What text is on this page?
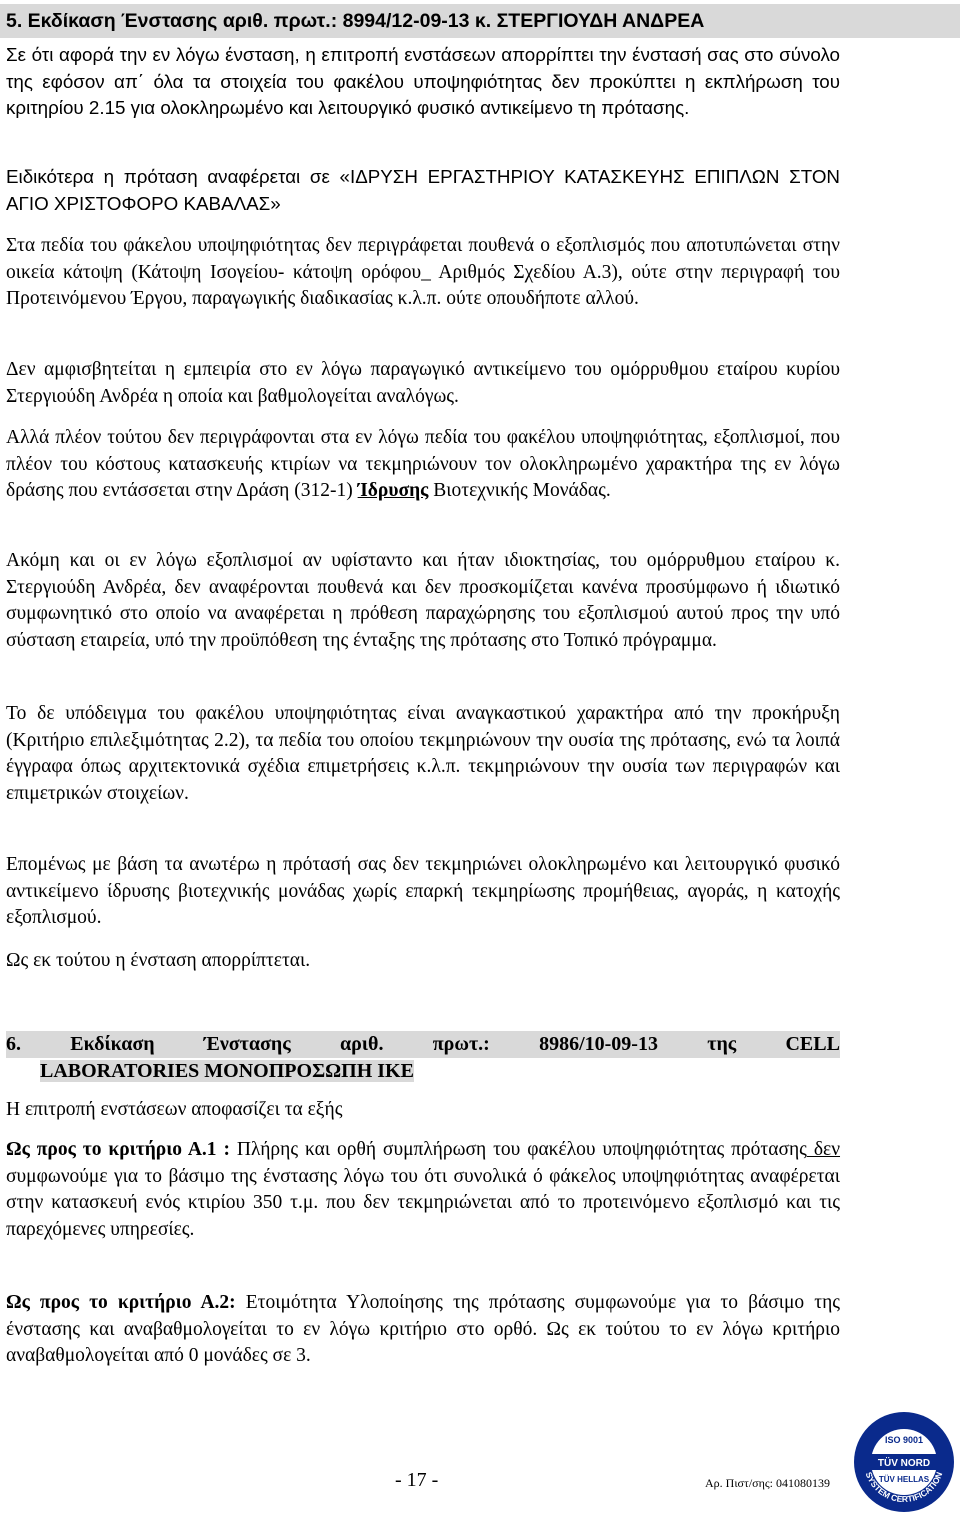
5. Εκδίκαση Ένστασης αριθ. πρωτ.: 8994/12-09-13 κ. ΣΤΕΡΓΙΟΥΔΗ ΑΝΔΡΕΑ

Σε ότι αφορά την εν λόγω ένσταση, η επιτροπή ενστάσεων απορρίπτει την ένστασή σας στο σύνολο της εφόσον απ΄ όλα τα στοιχεία του φακέλου υποψηφιότητας δεν προκύπτει η εκπλήρωση του κριτηρίου 2.15 για ολοκληρωμένο και λειτουργικό φυσικό αντικείμενο τη πρότασης.

Ειδικότερα η πρόταση αναφέρεται σε «ΙΔΡΥΣΗ ΕΡΓΑΣΤΗΡΙΟΥ ΚΑΤΑΣΚΕΥΗΣ ΕΠΙΠΛΩΝ ΣΤΟΝ ΑΓΙΟ ΧΡΙΣΤΟΦΟΡΟ ΚΑΒΑΛΑΣ»

Στα πεδία του φάκελου υποψηφιότητας δεν περιγράφεται πουθενά ο εξοπλισμός που αποτυπώνεται στην οικεία κάτοψη (Κάτοψη Ισογείου- κάτοψη ορόφου_ Αριθμός Σχεδίου Α.3), ούτε στην περιγραφή του Προτεινόμενου Έργου, παραγωγικής διαδικασίας κ.λ.π. ούτε οπουδήποτε αλλού.

Δεν αμφισβητείται η εμπειρία στο εν λόγω παραγωγικό αντικείμενο του ομόρρυθμου εταίρου κυρίου Στεργιούδη Ανδρέα η οποία και βαθμολογείται αναλόγως.

Αλλά πλέον τούτου δεν περιγράφονται στα εν λόγω πεδία του φακέλου υποψηφιότητας, εξοπλισμοί, που πλέον του κόστους κατασκευής κτιρίων να τεκμηριώνουν τον ολοκληρωμένο χαρακτήρα της εν λόγω δράσης που εντάσσεται στην Δράση (312-1) Ίδρυσης Βιοτεχνικής Μονάδας.

Ακόμη και οι εν λόγω εξοπλισμοί αν υφίσταντο και ήταν ιδιοκτησίας, του ομόρρυθμου εταίρου κ. Στεργιούδη Ανδρέα, δεν αναφέρονται πουθενά και δεν προσκομίζεται κανένα προσύμφωνο ή ιδιωτικό συμφωνητικό στο οποίο να αναφέρεται η πρόθεση παραχώρησης του εξοπλισμού αυτού προς την υπό σύσταση εταιρεία, υπό την προϋπόθεση της ένταξης της πρότασης στο Τοπικό πρόγραμμα.

Το δε υπόδειγμα του φακέλου υποψηφιότητας είναι αναγκαστικού χαρακτήρα από την προκήρυξη (Κριτήριο επιλεξιμότητας 2.2), τα πεδία του οποίου τεκμηριώνουν την ουσία της πρότασης, ενώ τα λοιπά έγγραφα όπως αρχιτεκτονικά σχέδια επιμετρήσεις κ.λ.π. τεκμηριώνουν την ουσία των περιγραφών και επιμετρικών στοιχείων.

Επομένως με βάση τα ανωτέρω η πρότασή σας δεν τεκμηριώνει ολοκληρωμένο και λειτουργικό φυσικό αντικείμενο ίδρυσης βιοτεχνικής μονάδας χωρίς επαρκή τεκμηρίωσης προμήθειας, αγοράς, η κατοχής εξοπλισμού.

Ως εκ τούτου η ένσταση απορρίπτεται.

6. Εκδίκαση Ένστασης αριθ. πρωτ.: 8986/10-09-13 της CELL
LABORATORIES ΜΟΝΟΠΡΟΣΩΠΗ ΙΚΕ

Η επιτροπή ενστάσεων αποφασίζει τα εξής

Ως προς το κριτήριο Α.1 : Πλήρης και ορθή συμπλήρωση του φακέλου υποψηφιότητας πρότασης δεν συμφωνούμε για το βάσιμο της ένστασης λόγω του ότι συνολικά ό φάκελος υποψηφιότητας αναφέρεται στην κατασκευή ενός κτιρίου 350 τ.μ. που δεν τεκμηριώνεται από το προτεινόμενο εξοπλισμό και τις παρεχόμενες υπηρεσίες.

Ως προς το κριτήριο Α.2: Ετοιμότητα Υλοποίησης της πρότασης συμφωνούμε για το βάσιμο της ένστασης και αναβαθμολογείται το εν λόγω κριτήριο στο ορθό. Ως εκ τούτου το εν λόγω κριτήριο αναβαθμολογείται από 0 μονάδες σε 3.

- 17 -	Αρ. Πιστ/σης: 041080139
ISO 9001
TÜV NORD
TÜV HELLAS
SYSTEM CERTIFICATION
